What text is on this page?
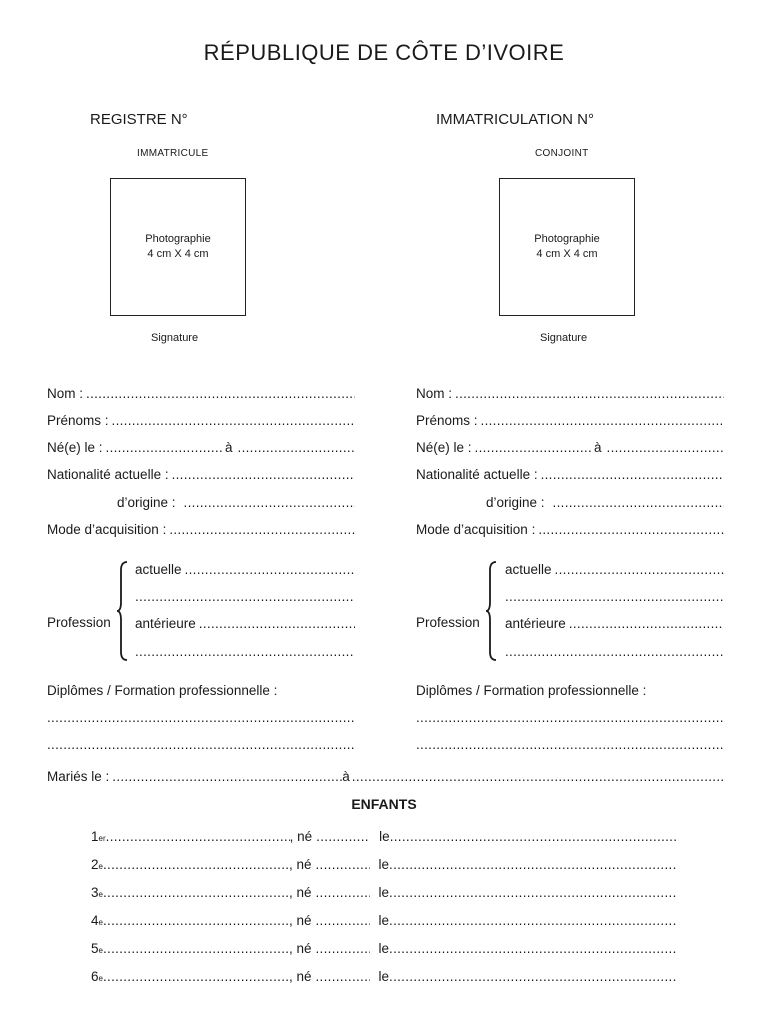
RÉPUBLIQUE DE CÔTE D’IVOIRE
REGISTRE N°
IMMATRICULE
Photographie
4 cm X 4 cm
Signature
IMMATRICULATION N°
CONJOINT
Photographie
4 cm X 4 cm
Signature
Nom :
.....
Prénoms :
.....
Né(e) le : .....	à
.....
Nationalité actuelle :
.....
d’origine :
.....
Mode d’acquisition :
.....
Profession
actuelle
.....
.....
antérieure
.....
.....
Diplômes / Formation professionnelle :
.....
.....
Nom :
.....
Prénoms :
.....
Né(e) le : .....	à
.....
Nationalité actuelle :
.....
d’origine :
.....
Mode d’acquisition :
.....
Profession
actuelle
.....
.....
antérieure
.....
.....
Diplômes / Formation professionnelle :
.....
.....
Mariés le : .....	à
.....
ENFANTS
1 er .....	, né .....	le
.....
2 e .....	, né .....	le
.....
3 e .....	, né .....	le
.....
4 e .....	, né .....	le
.....
5 e .....	, né .....	le
.....
6 e .....	, né .....	le
.....
